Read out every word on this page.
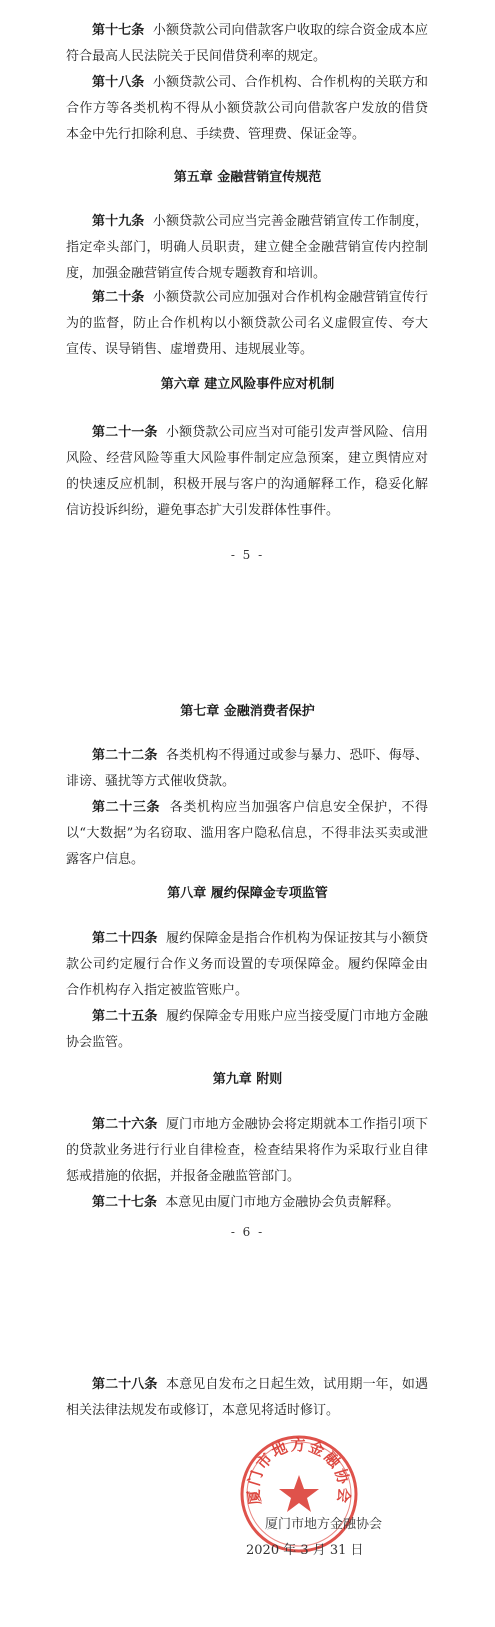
第十七条 小额贷款公司向借款客户收取的综合资金成本应符合最高人民法院关于民间借贷利率的规定。

第十八条 小额贷款公司、合作机构、合作机构的关联方和合作方等各类机构不得从小额贷款公司向借款客户发放的借贷本金中先行扣除利息、手续费、管理费、保证金等。

第五章 金融营销宣传规范

第十九条 小额贷款公司应当完善金融营销宣传工作制度，指定牵头部门，明确人员职责，建立健全金融营销宣传内控制度，加强金融营销宣传合规专题教育和培训。

第二十条 小额贷款公司应加强对合作机构金融营销宣传行为的监督，防止合作机构以小额贷款公司名义虚假宣传、夸大宣传、误导销售、虚增费用、违规展业等。

第六章 建立风险事件应对机制

第二十一条 小额贷款公司应当对可能引发声誉风险、信用风险、经营风险等重大风险事件制定应急预案，建立舆情应对的快速反应机制，积极开展与客户的沟通解释工作，稳妥化解信访投诉纠纷，避免事态扩大引发群体性事件。

- 5 -
第七章 金融消费者保护

第二十二条 各类机构不得通过或参与暴力、恐吓、侮辱、诽谤、骚扰等方式催收贷款。

第二十三条 各类机构应当加强客户信息安全保护，不得以“大数据”为名窃取、滥用客户隐私信息，不得非法买卖或泄露客户信息。

第八章 履约保障金专项监管

第二十四条 履约保障金是指合作机构为保证按其与小额贷款公司约定履行合作义务而设置的专项保障金。履约保障金由合作机构存入指定被监管账户。

第二十五条 履约保障金专用账户应当接受厦门市地方金融协会监管。

第九章 附则

第二十六条 厦门市地方金融协会将定期就本工作指引项下的贷款业务进行行业自律检查，检查结果将作为采取行业自律惩戒措施的依据，并报备金融监管部门。

第二十七条 本意见由厦门市地方金融协会负责解释。

- 6 -

第二十八条 本意见自发布之日起生效，试用期一年，如遇相关法律法规发布或修订，本意见将适时修订。

厦门市地方金融协会
厦门市地方金融协会
2020 年 3 月 31 日
